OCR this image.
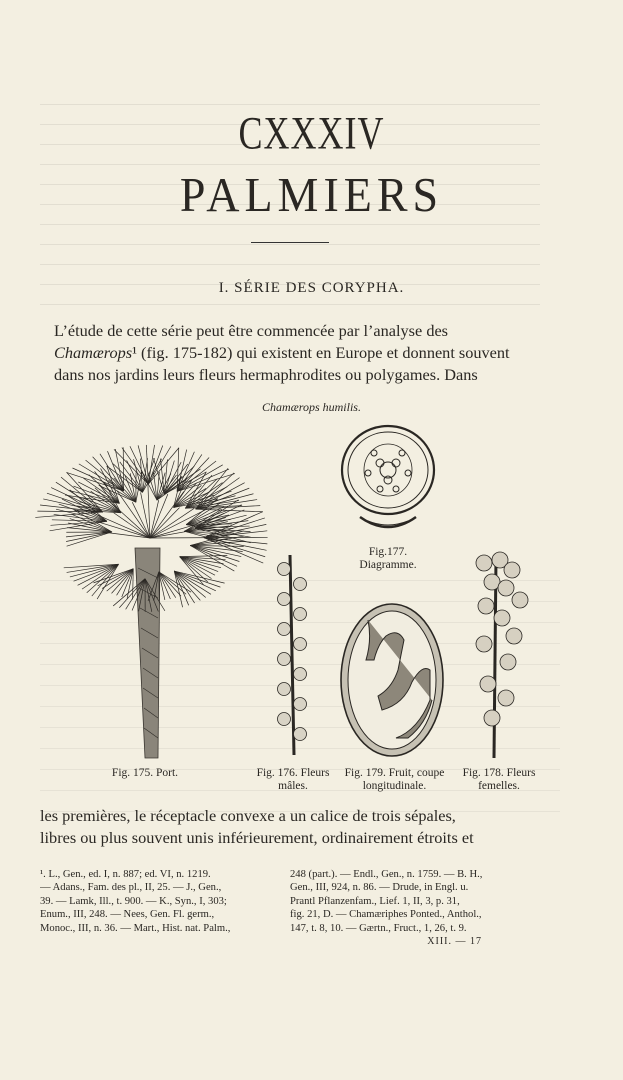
CXXXIV
PALMIERS
I. SÉRIE DES CORYPHA.
L’étude de cette série peut être commencée par l’analyse des
Chamærops¹ (fig. 175-182) qui existent en Europe et donnent souvent
dans nos jardins leurs fleurs hermaphrodites ou polygames. Dans
Chamærops humilis.
Fig.177.
Diagramme.
Fig. 175. Port.	Fig. 176. Fleurs
mâles.
Fig. 179. Fruit, coupe
longitudinale.
Fig. 178. Fleurs
femelles.
les premières, le réceptacle convexe a un calice de trois sépales,
libres ou plus souvent unis inférieurement, ordinairement étroits et
¹. L., Gen., ed. I, n. 887; ed. VI, n. 1219.
— Adans., Fam. des pl., II, 25. — J., Gen.,
39. — Lamk, Ill., t. 900. — K., Syn., I, 303;
Enum., III, 248. — Nees, Gen. Fl. germ.,
Monoc., III, n. 36. — Mart., Hist. nat. Palm.,
248 (part.). — Endl., Gen., n. 1759. — B. H.,
Gen., III, 924, n. 86. — Drude, in Engl. u.
Prantl Pflanzenfam., Lief. 1, II, 3, p. 31,
fig. 21, D. — Chamæriphes Ponted., Anthol.,
147, t. 8, 10. — Gærtn., Fruct., 1, 26, t. 9.
XIII. — 17
